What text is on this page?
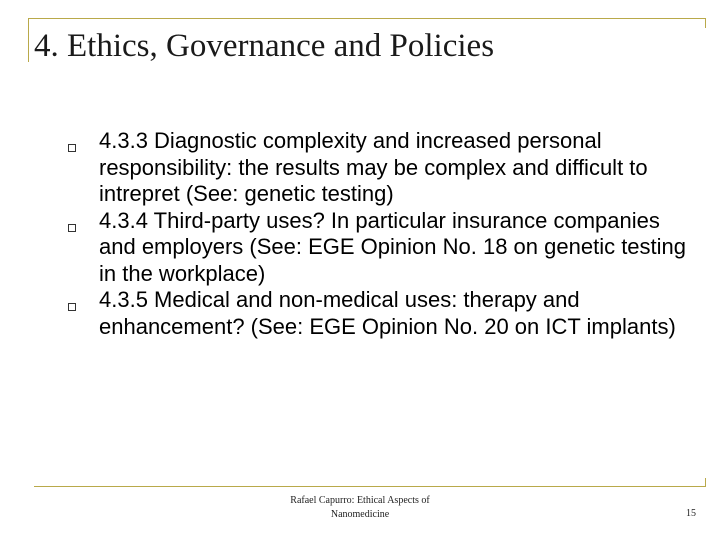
4. Ethics, Governance and Policies
4.3.3 Diagnostic complexity and increased personal responsibility: the results may be complex and difficult to intrepret (See: genetic testing)
4.3.4 Third-party uses? In particular insurance companies and employers (See: EGE Opinion No. 18 on genetic testing in the workplace)
4.3.5 Medical and non-medical uses: therapy and enhancement? (See: EGE Opinion No. 20 on ICT implants)
Rafael Capurro: Ethical Aspects of
Nanomedicine	15
